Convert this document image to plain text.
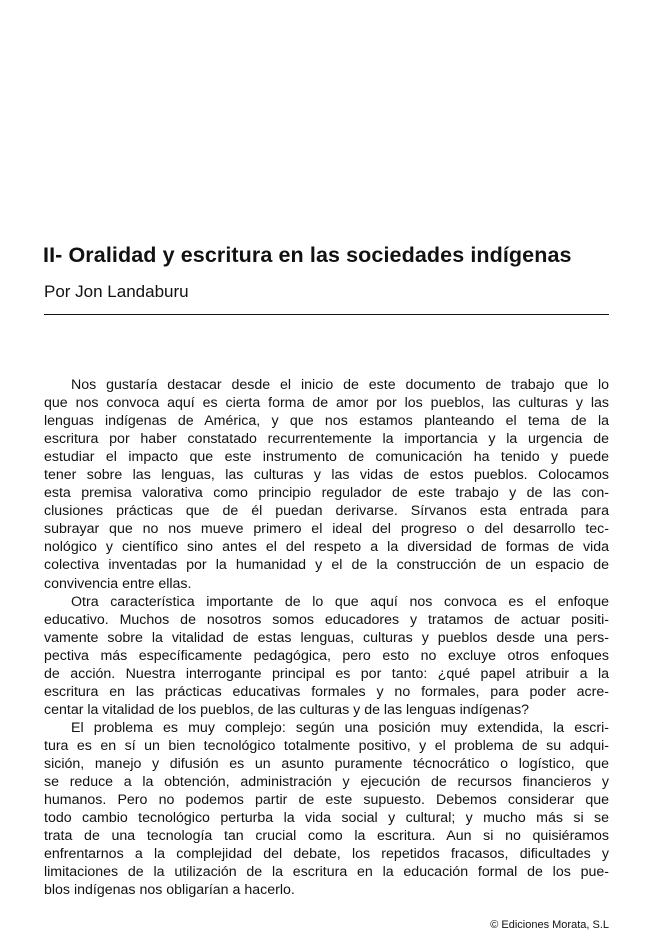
II- Oralidad y escritura en las sociedades indígenas
Por Jon Landaburu
Nos gustaría destacar desde el inicio de este documento de trabajo que lo
que nos convoca aquí es cierta forma de amor por los pueblos, las culturas y las
lenguas indígenas de América, y que nos estamos planteando el tema de la
escritura por haber constatado recurrentemente la importancia y la urgencia de
estudiar el impacto que este instrumento de comunicación ha tenido y puede
tener sobre las lenguas, las culturas y las vidas de estos pueblos. Colocamos
esta premisa valorativa como principio regulador de este trabajo y de las con-
clusiones prácticas que de él puedan derivarse. Sírvanos esta entrada para
subrayar que no nos mueve primero el ideal del progreso o del desarrollo tec-
nológico y científico sino antes el del respeto a la diversidad de formas de vida
colectiva inventadas por la humanidad y el de la construcción de un espacio de
convivencia entre ellas.
Otra característica importante de lo que aquí nos convoca es el enfoque
educativo. Muchos de nosotros somos educadores y tratamos de actuar positi-
vamente sobre la vitalidad de estas lenguas, culturas y pueblos desde una pers-
pectiva más específicamente pedagógica, pero esto no excluye otros enfoques
de acción. Nuestra interrogante principal es por tanto: ¿qué papel atribuir a la
escritura en las prácticas educativas formales y no formales, para poder acre-
centar la vitalidad de los pueblos, de las culturas y de las lenguas indígenas?
El problema es muy complejo: según una posición muy extendida, la escri-
tura es en sí un bien tecnológico totalmente positivo, y el problema de su adqui-
sición, manejo y difusión es un asunto puramente técnocrático o logístico, que
se reduce a la obtención, administración y ejecución de recursos financieros y
humanos. Pero no podemos partir de este supuesto. Debemos considerar que
todo cambio tecnológico perturba la vida social y cultural; y mucho más si se
trata de una tecnología tan crucial como la escritura. Aun si no quisiéramos
enfrentarnos a la complejidad del debate, los repetidos fracasos, dificultades y
limitaciones de la utilización de la escritura en la educación formal de los pue-
blos indígenas nos obligarían a hacerlo.
© Ediciones Morata, S.L
